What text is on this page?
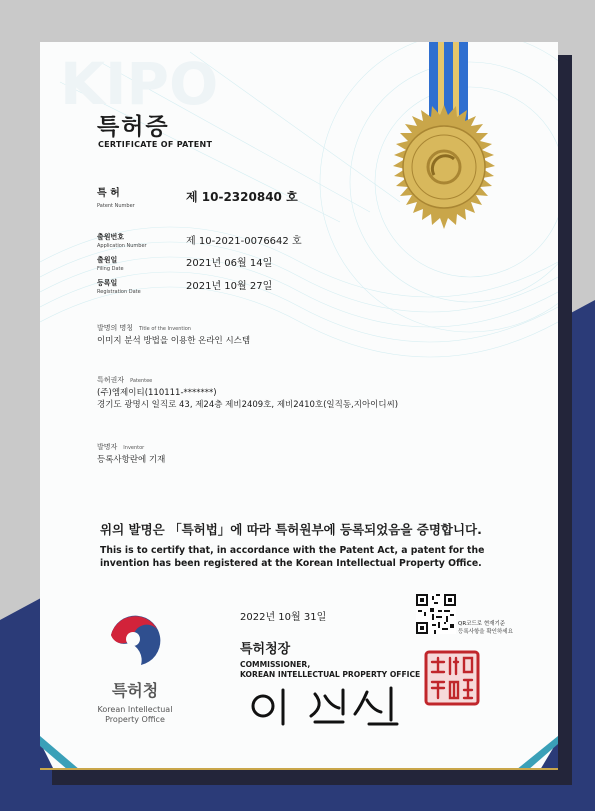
KIPO
특허증
CERTIFICATE OF PATENT
특 허
Patent Number
제 10-2320840 호
출원번호
Application Number	제 10-2021-0076642 호
출원일
Filing Date	2021년 06월 14일
등록일
Registration Date	2021년 10월 27일
발명의 명칭 Title of the Invention
이미지 분석 방법을 이용한 온라인 시스템
특허권자 Patentee
(주)엠제이티(110111-*******)
경기도 광명시 일직로 43, 제24층 제비2409호, 제비2410호(일직동,지아이디씨)
발명자 Inventor
등록사항란에 기재
위의 발명은 「특허법」에 따라 특허원부에 등록되었음을 증명합니다.
This is to certify that, in accordance with the Patent Act, a patent for the
invention has been registered at the Korean Intellectual Property Office.
특허청
Korean Intellectual
Property Office
2022년 10월 31일
특허청장
COMMISSIONER,
KOREAN INTELLECTUAL PROPERTY OFFICE
QR코드로 현재기준
등록사항을 확인하세요
